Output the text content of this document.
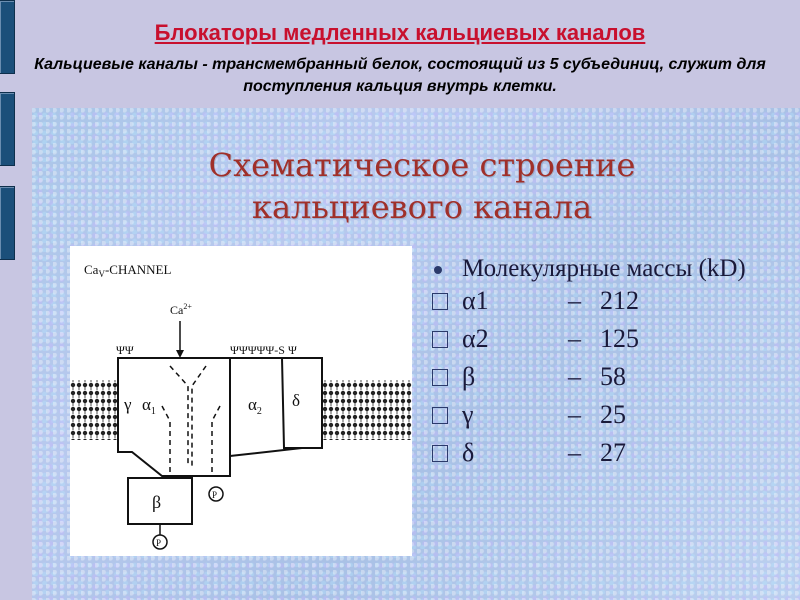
Блокаторы медленных кальциевых каналов
Кальциевые каналы - трансмембранный белок, состоящий из 5 субъединиц, служит для поступления кальция внутрь клетки.
Схематическое строение кальциевого канала
$Ca_V$-CHANNEL
$Ca^{2+}$
ΨΨ	ΨΨΨΨΨ-S Ψ
γ $\alpha_1$	$\alpha_2$
δ
β	P
P
Молекулярные массы (kD)
α1	– 212
α2	– 125
β	– 58
γ	– 25
δ	– 27
